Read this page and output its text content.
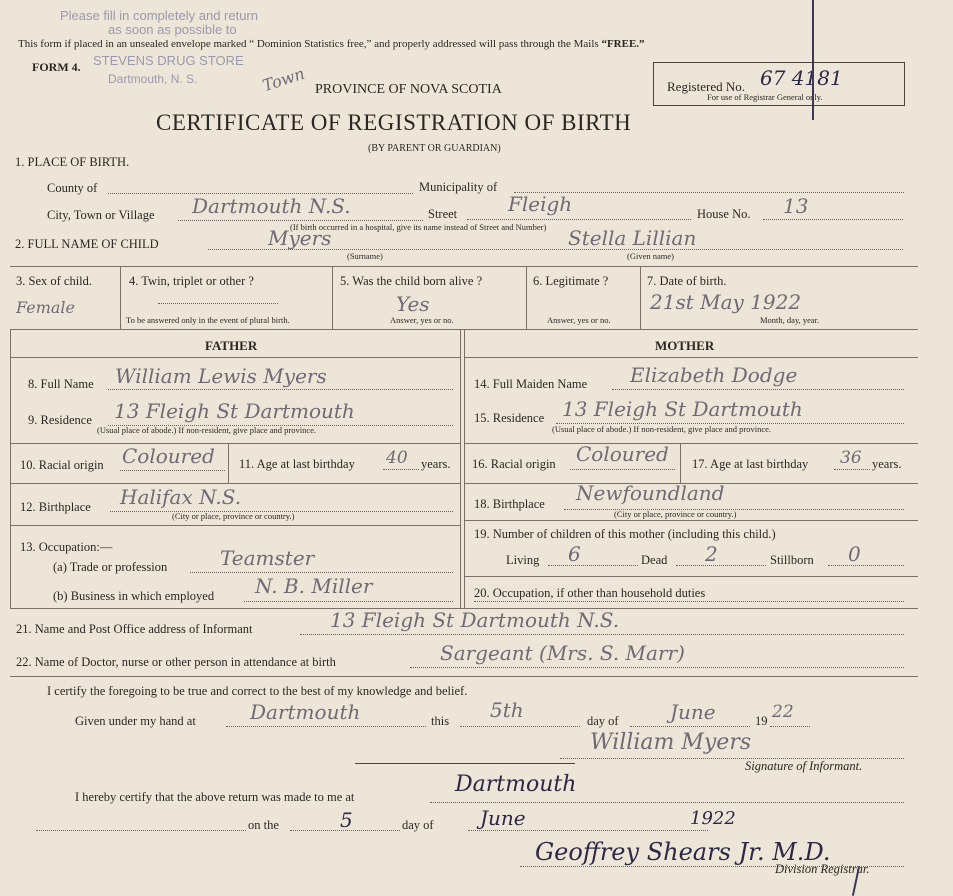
Please fill in completely and return
as soon as possible to
This form if placed in an unsealed envelope marked “ Dominion Statistics free,” and properly addressed will pass through the Mails “FREE.”
FORM 4. STEVENS DRUG STORE
Dartmouth, N. S.	Town PROVINCE OF NOVA SCOTIA	Registered No. 67 4181
For use of Registrar General only.
CERTIFICATE OF REGISTRATION OF BIRTH
(BY PARENT OR GUARDIAN)
1. PLACE OF BIRTH.
County of	Municipality of
City, Town or Village Dartmouth N.S.	Street	Fleigh	House No. 13
(If birth occurred in a hospital, give its name instead of Street and Number)
2. FULL NAME OF CHILD	Myers	Stella Lillian
(Surname)	(Given name)
3. Sex of child.
Female
4. Twin, triplet or other ?
To be answered only in the event of plural birth.
5. Was the child born alive ?
Yes
Answer, yes or no.
6. Legitimate ?
Answer, yes or no.
7. Date of birth.
21st May 1922
Month, day, year.
FATHER	MOTHER
8. Full Name William Lewis Myers
9. Residence 13 Fleigh St Dartmouth
(Usual place of abode.) If non-resident, give place and province.
10. Racial origin Coloured 11. Age at last birthday 40 years.
12. Birthplace Halifax N.S.
(City or place, province or country.)
13. Occupation:—
(a) Trade or profession	Teamster
(b) Business in which employed N. B. Miller
14. Full Maiden Name Elizabeth Dodge
15. Residence 13 Fleigh St Dartmouth
(Usual place of abode.) If non-resident, give place and province.
16. Racial origin Coloured 17. Age at last birthday 36 years.
18. Birthplace Newfoundland
(City or place, province or country.)
19. Number of children of this mother (including this child.)
Living 6	Dead 2	Stillborn 0
20. Occupation, if other than household duties
21. Name and Post Office address of Informant	13 Fleigh St Dartmouth N.S.
22. Name of Doctor, nurse or other person in attendance at birth	Sargeant (Mrs. S. Marr)
I certify the foregoing to be true and correct to the best of my knowledge and belief.
Given under my hand at	Dartmouth	this 5th	day of	June	19 22
William Myers
Signature of Informant.
I hereby certify that the above return was made to me at	Dartmouth
on the	5	day of June	1922
Geoffrey Shears Jr. M.D.
Division Registrar.
